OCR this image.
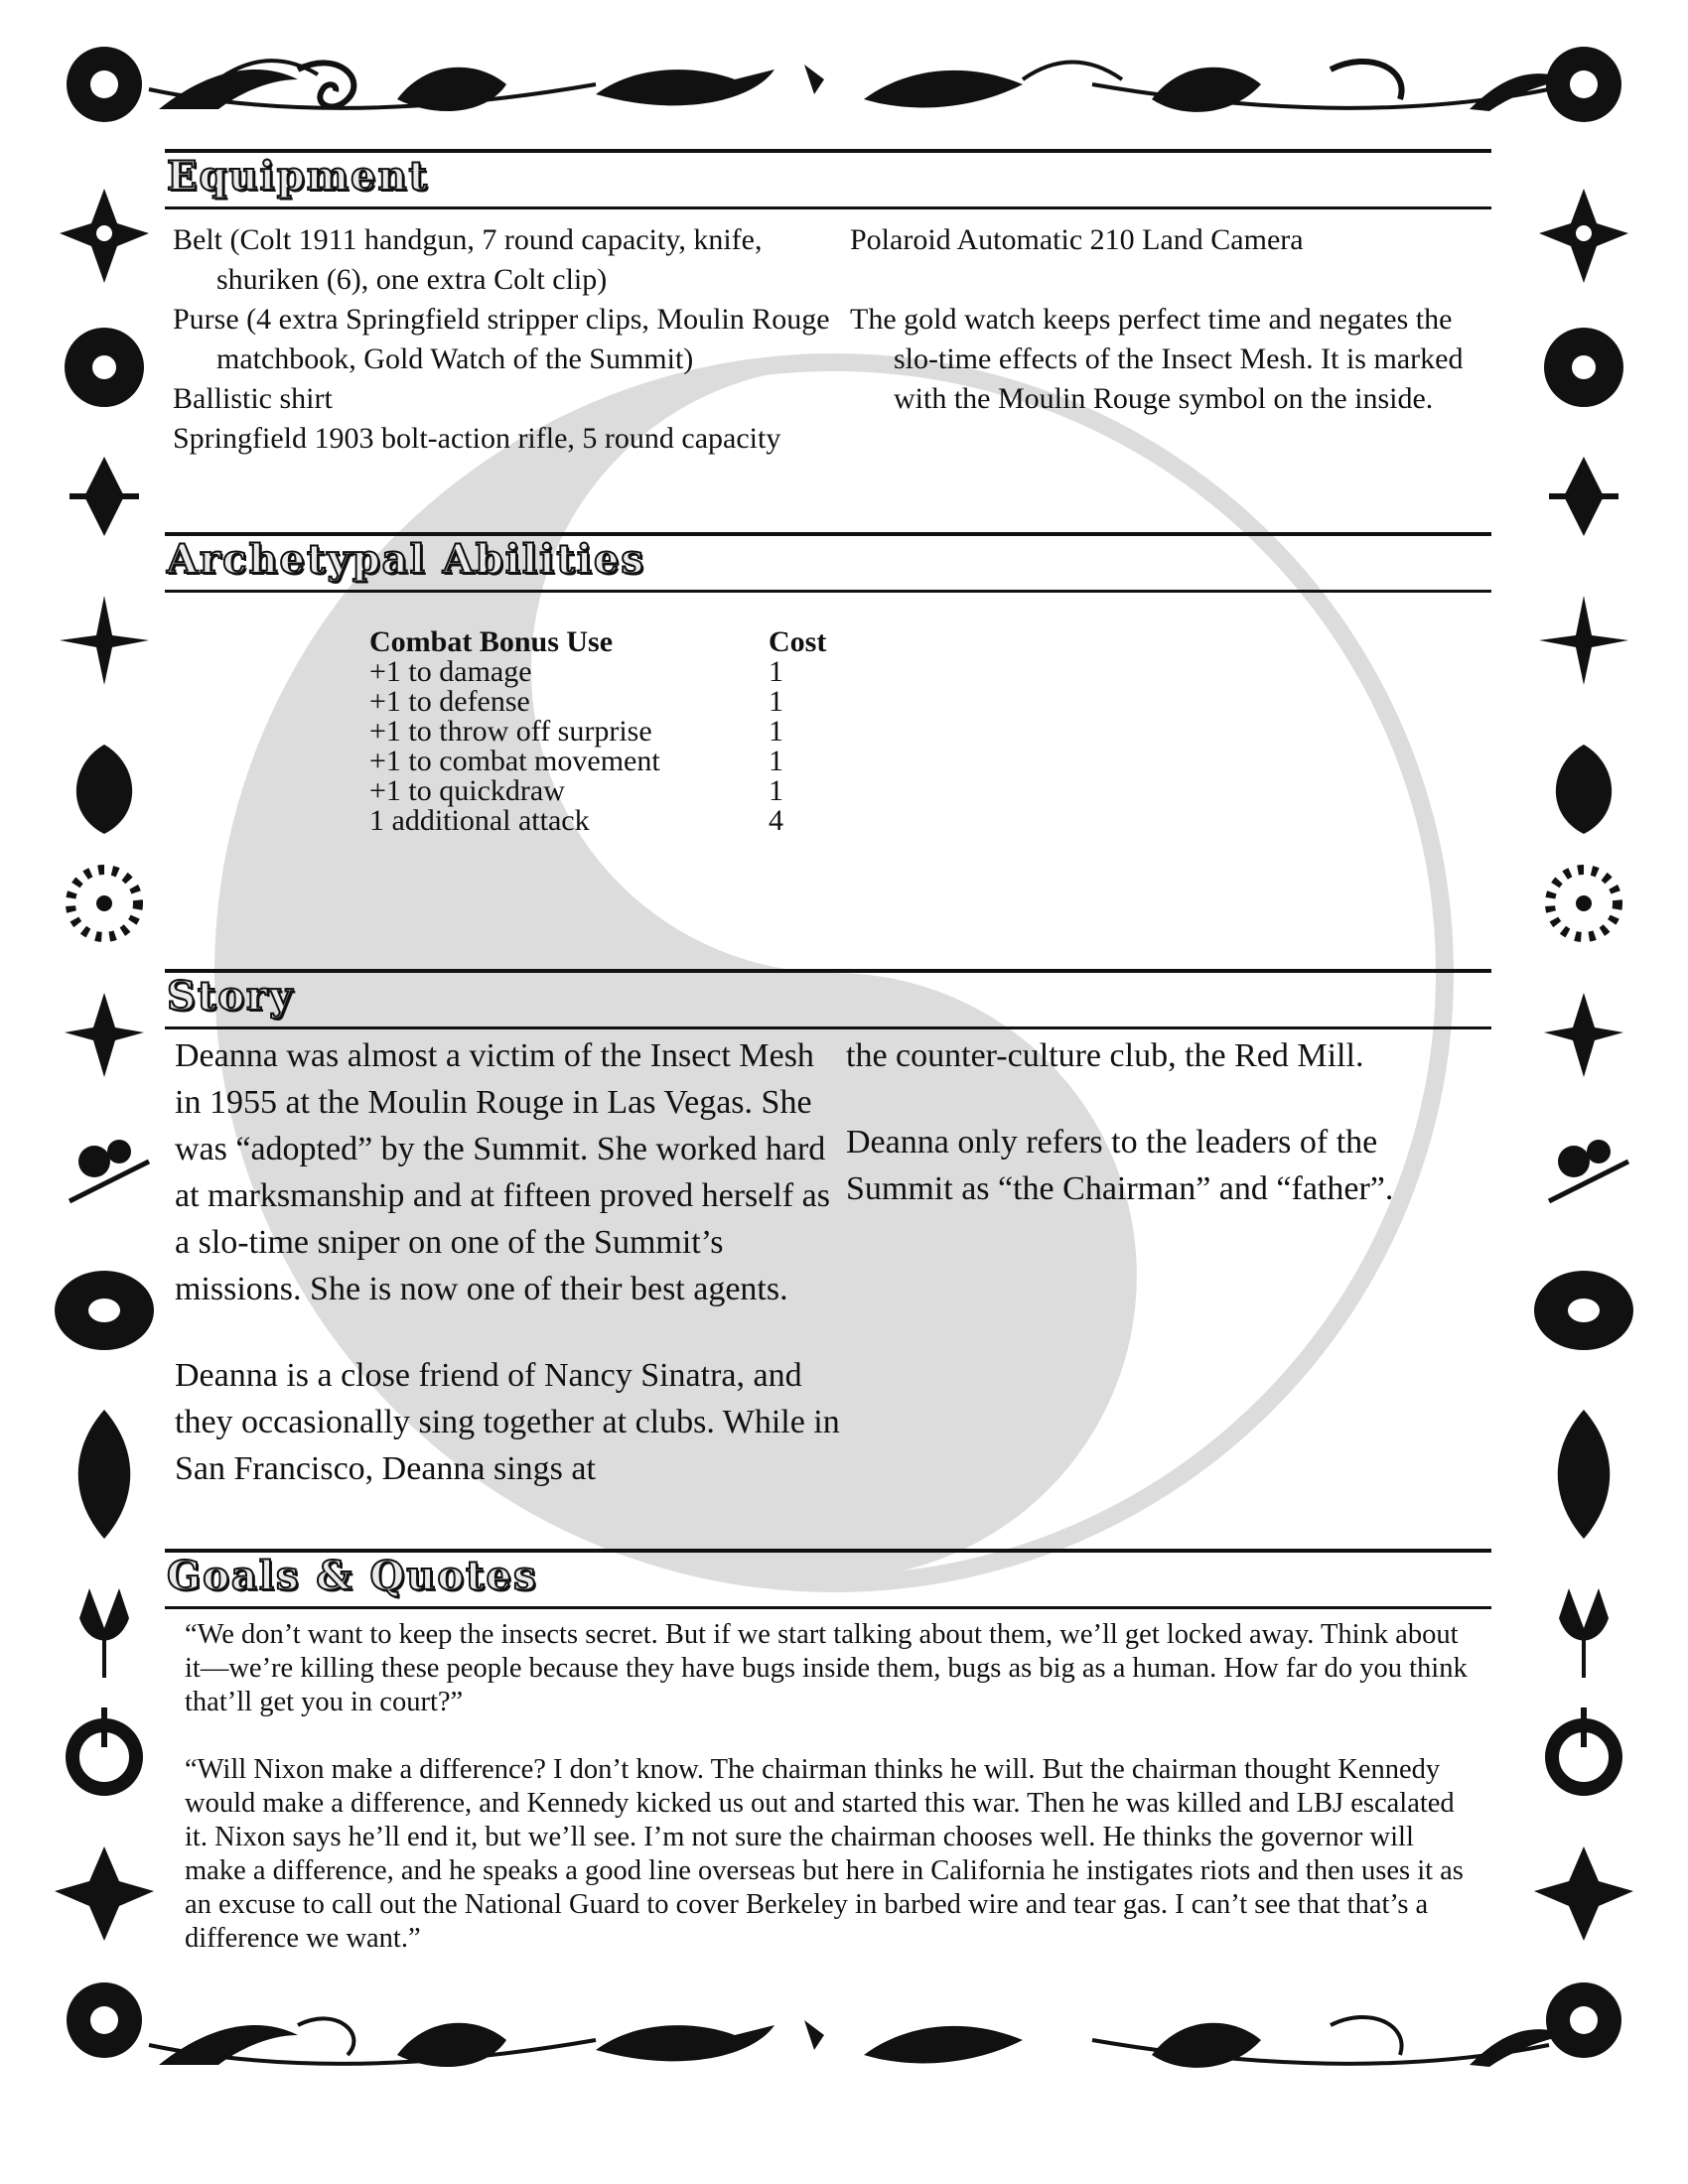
Equipment

Belt (Colt 1911 handgun, 7 round capacity, knife, shuriken (6), one extra Colt clip)

Purse (4 extra Springfield stripper clips, Moulin Rouge matchbook, Gold Watch of the Summit)

Ballistic shirt

Springfield 1903 bolt-action rifle, 5 round capacity

Polaroid Automatic 210 Land Camera

The gold watch keeps perfect time and negates the slo-time effects of the Insect Mesh. It is marked with the Moulin Rouge symbol on the inside.

Archetypal Abilities
Combat Bonus Use	Cost
+1 to damage	1
+1 to defense	1
+1 to throw off surprise	1
+1 to combat movement	1
+1 to quickdraw	1
1 additional attack	4
Story

Deanna was almost a victim of the Insect Mesh in 1955 at the Moulin Rouge in Las Vegas. She was “adopted” by the Summit. She worked hard at marksmanship and at fifteen proved herself as a slo-time sniper on one of the Summit’s missions. She is now one of their best agents.

Deanna is a close friend of Nancy Sinatra, and they occasionally sing together at clubs. While in San Francisco, Deanna sings at

the counter-culture club, the Red Mill.

Deanna only refers to the leaders of the Summit as “the Chairman” and “father”.

Goals & Quotes

“We don’t want to keep the insects secret. But if we start talking about them, we’ll get locked away. Think about it—we’re killing these people because they have bugs inside them, bugs as big as a human. How far do you think that’ll get you in court?”

“Will Nixon make a difference? I don’t know. The chairman thinks he will. But the chairman thought Kennedy would make a difference, and Kennedy kicked us out and started this war. Then he was killed and LBJ escalated it. Nixon says he’ll end it, but we’ll see. I’m not sure the chairman chooses well. He thinks the governor will make a difference, and he speaks a good line overseas but here in California he instigates riots and then uses it as an excuse to call out the National Guard to cover Berkeley in barbed wire and tear gas. I can’t see that that’s a difference we want.”
